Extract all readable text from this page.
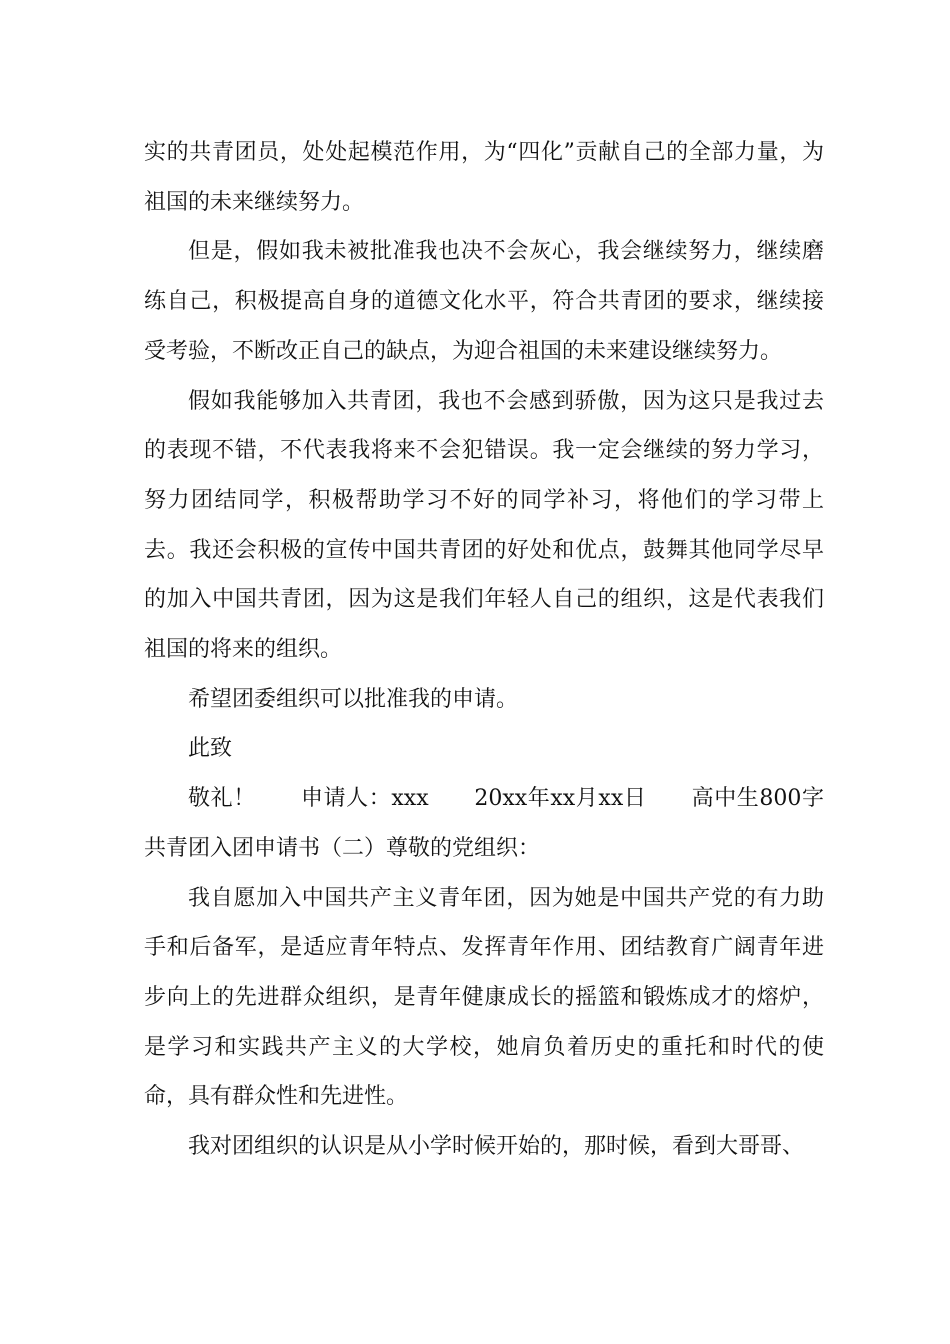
实的共青团员，处处起模范作用，为“四化”贡献自己的全部力量，为祖国的未来继续努力。

但是，假如我未被批准我也决不会灰心，我会继续努力，继续磨练自己，积极提高自身的道德文化水平，符合共青团的要求，继续接受考验，不断改正自己的缺点，为迎合祖国的未来建设继续努力。

假如我能够加入共青团，我也不会感到骄傲，因为这只是我过去的表现不错，不代表我将来不会犯错误。我一定会继续的努力学习，努力团结同学，积极帮助学习不好的同学补习，将他们的学习带上去。我还会积极的宣传中国共青团的好处和优点，鼓舞其他同学尽早的加入中国共青团，因为这是我们年轻人自己的组织，这是代表我们祖国的将来的组织。

希望团委组织可以批准我的申请。

此致

敬礼！　　申请人：xxx　　20xx年xx月xx日　　高中生800字共青团入团申请书（二）尊敬的党组织：

我自愿加入中国共产主义青年团，因为她是中国共产党的有力助手和后备军，是适应青年特点、发挥青年作用、团结教育广阔青年进步向上的先进群众组织，是青年健康成长的摇篮和锻炼成才的熔炉，是学习和实践共产主义的大学校，她肩负着历史的重托和时代的使命，具有群众性和先进性。

我对团组织的认识是从小学时候开始的，那时候，看到大哥哥、
